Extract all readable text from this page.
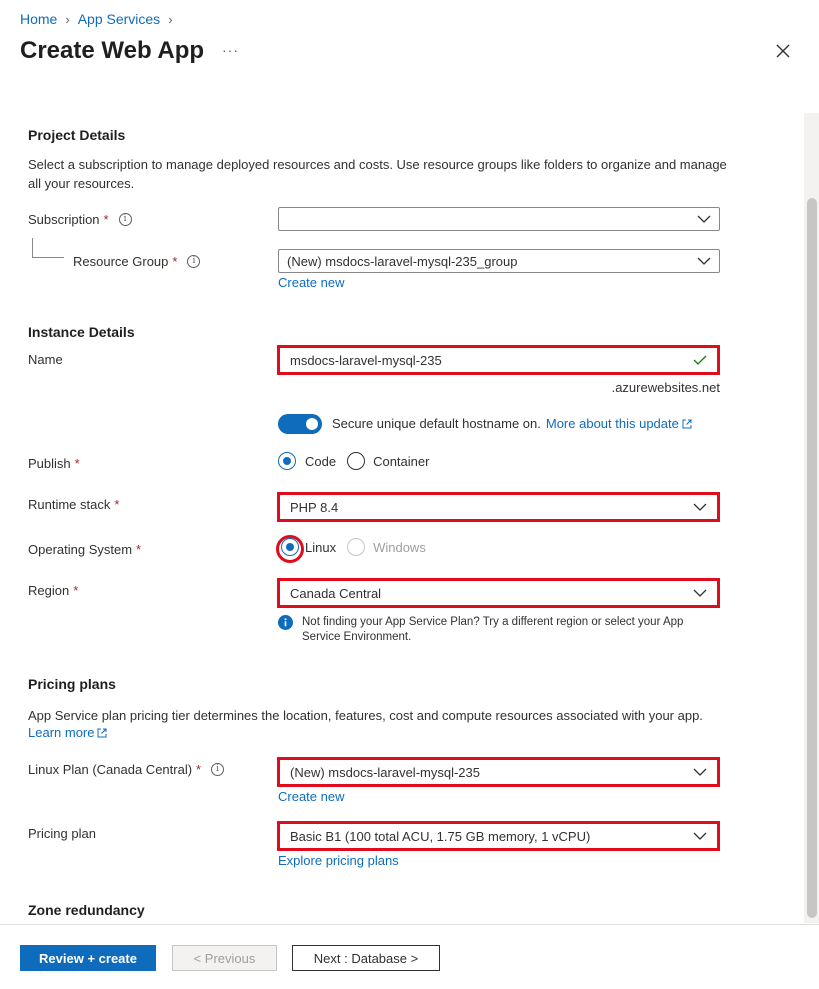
Home › App Services ›
Create Web App ···
Project Details
Select a subscription to manage deployed resources and costs. Use resource groups like folders to organize and manage all your resources.
Subscription *	i
Resource Group *	i	(New) msdocs-laravel-mysql-235_group
Create new
Instance Details
Name	msdocs-laravel-mysql-235
.azurewebsites.net
Secure unique default hostname on. More about this update
Publish *	Code	Container
Runtime stack *	PHP 8.4
Operating System *	Linux	Windows
Region *	Canada Central
Not finding your App Service Plan? Try a different region or select your App Service Environment.
Pricing plans
App Service plan pricing tier determines the location, features, cost and compute resources associated with your app.
Learn more
Linux Plan (Canada Central) *	i	(New) msdocs-laravel-mysql-235
Create new
Pricing plan	Basic B1 (100 total ACU, 1.75 GB memory, 1 vCPU)
Explore pricing plans
Zone redundancy
Review + create	< Previous	Next : Database >
